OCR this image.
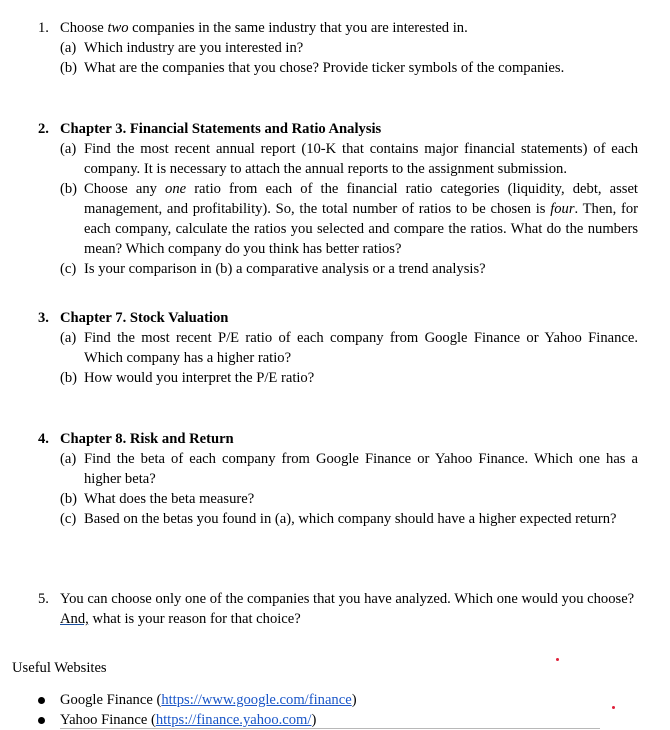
1. Choose two companies in the same industry that you are interested in.
(a) Which industry are you interested in?
(b) What are the companies that you chose? Provide ticker symbols of the companies.
2. Chapter 3. Financial Statements and Ratio Analysis
(a) Find the most recent annual report (10-K that contains major financial statements) of each company. It is necessary to attach the annual reports to the assignment submission.
(b) Choose any one ratio from each of the financial ratio categories (liquidity, debt, asset management, and profitability). So, the total number of ratios to be chosen is four. Then, for each company, calculate the ratios you selected and compare the ratios. What do the numbers mean? Which company do you think has better ratios?
(c) Is your comparison in (b) a comparative analysis or a trend analysis?
3. Chapter 7. Stock Valuation
(a) Find the most recent P/E ratio of each company from Google Finance or Yahoo Finance. Which company has a higher ratio?
(b) How would you interpret the P/E ratio?
4. Chapter 8. Risk and Return
(a) Find the beta of each company from Google Finance or Yahoo Finance. Which one has a higher beta?
(b) What does the beta measure?
(c) Based on the betas you found in (a), which company should have a higher expected return?
5. You can choose only one of the companies that you have analyzed. Which one would you choose? And, what is your reason for that choice?
Useful Websites
Google Finance (https://www.google.com/finance)
Yahoo Finance (https://finance.yahoo.com/)
